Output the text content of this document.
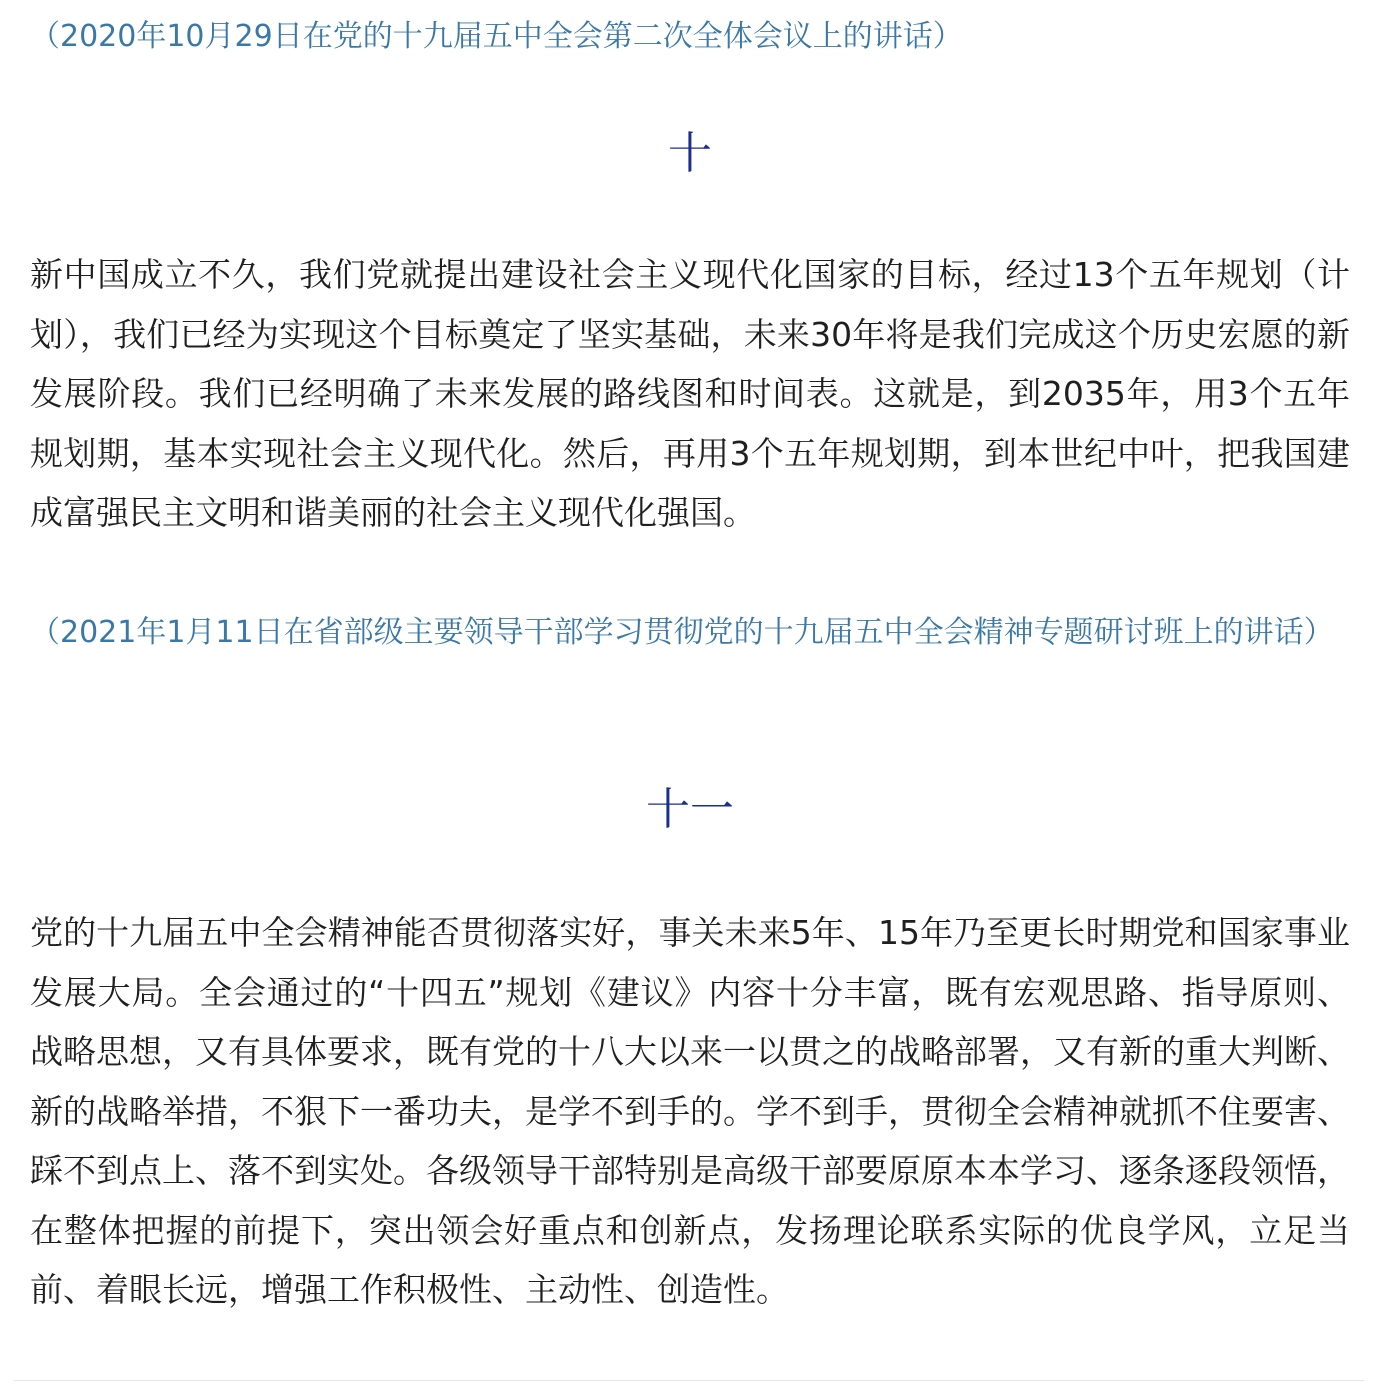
（2020年10月29日在党的十九届五中全会第二次全体会议上的讲话）

十

新中国成立不久，我们党就提出建设社会主义现代化国家的目标，经过13个五年规划（计划），我们已经为实现这个目标奠定了坚实基础，未来30年将是我们完成这个历史宏愿的新发展阶段。我们已经明确了未来发展的路线图和时间表。这就是，到2035年，用3个五年规划期，基本实现社会主义现代化。然后，再用3个五年规划期，到本世纪中叶，把我国建成富强民主文明和谐美丽的社会主义现代化强国。

（2021年1月11日在省部级主要领导干部学习贯彻党的十九届五中全会精神专题研讨班上的讲话）

十一

党的十九届五中全会精神能否贯彻落实好，事关未来5年、15年乃至更长时期党和国家事业发展大局。全会通过的“十四五”规划《建议》内容十分丰富，既有宏观思路、指导原则、战略思想，又有具体要求，既有党的十八大以来一以贯之的战略部署，又有新的重大判断、新的战略举措，不狠下一番功夫，是学不到手的。学不到手，贯彻全会精神就抓不住要害、踩不到点上、落不到实处。各级领导干部特别是高级干部要原原本本学习、逐条逐段领悟，在整体把握的前提下，突出领会好重点和创新点，发扬理论联系实际的优良学风，立足当前、着眼长远，增强工作积极性、主动性、创造性。
